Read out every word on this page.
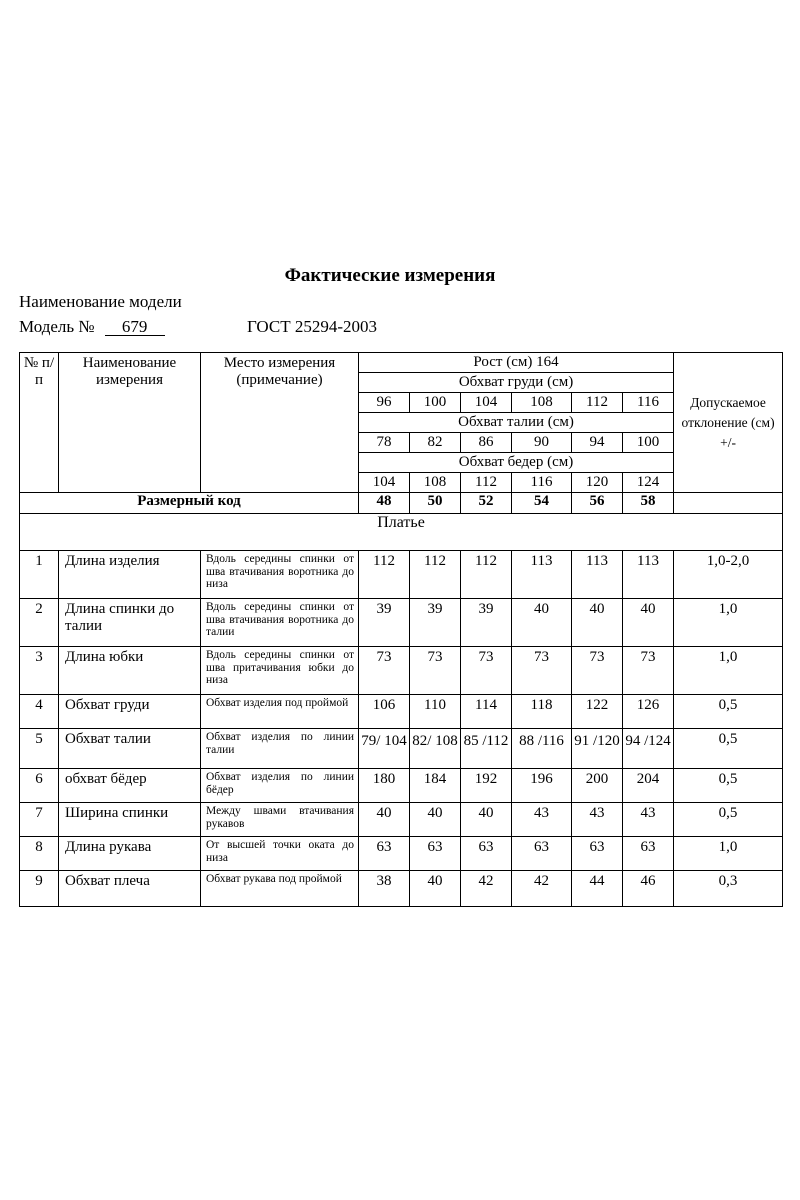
Фактические измерения
Наименование модели
Модель № 679	ГОСТ 25294-2003
№ п/п	Наименование измерения	Место измерения (примечание)	Рост (см) 164						Допускаемое отклонение (см) +/-
			Обхват груди (см)						
			96	100	104	108	112	116	
			Обхват талии (см)						
			78	82	86	90	94	100	
			Обхват бедер (см)						
			104	108	112	116	120	124	
Размерный код			48	50	52	54	56	58	
Платье									
1	Длина изделия	Вдоль середины спинки от шва втачивания воротника до низа	112	112	112	113	113	113	1,0-2,0
2	Длина спинки до талии	Вдоль середины спинки от шва втачивания воротника до талии	39	39	39	40	40	40	1,0
3	Длина юбки	Вдоль середины спинки от шва притачивания юбки до низа	73	73	73	73	73	73	1,0
4	Обхват груди	Обхват изделия под проймой	106	110	114	118	122	126	0,5
5	Обхват талии	Обхват изделия по линии талии	79/ 104	82/ 108	85 /112	88 /116	91 /120	94 /124	0,5
6	обхват бёдер	Обхват изделия по линии бёдер	180	184	192	196	200	204	0,5
7	Ширина спинки	Между швами втачивания рукавов	40	40	40	43	43	43	0,5
8	Длина рукава	От высшей точки оката до низа	63	63	63	63	63	63	1,0
9	Обхват плеча	Обхват рукава под проймой	38	40	42	42	44	46	0,3
